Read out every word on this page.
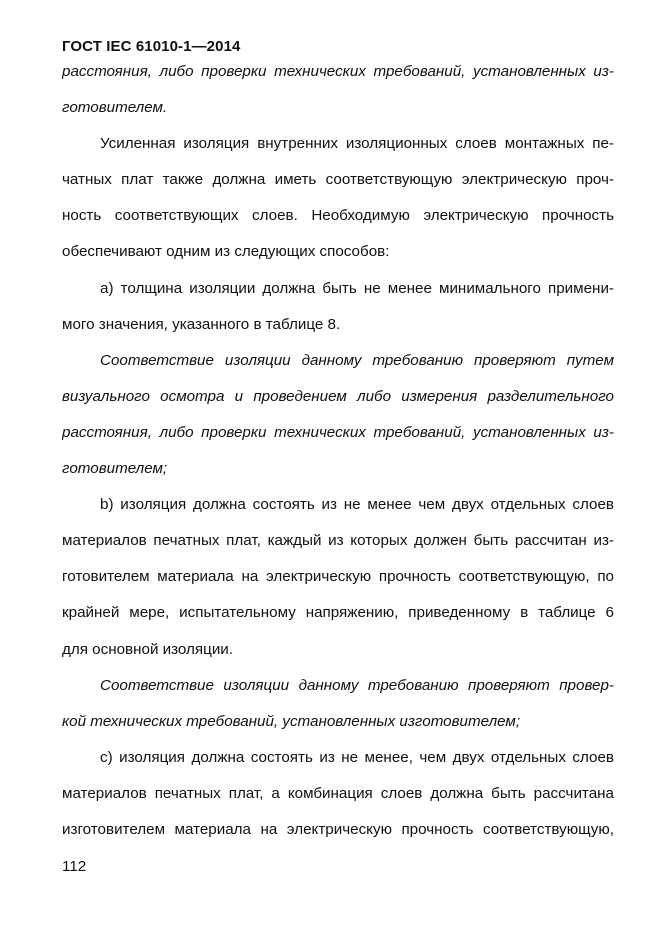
ГОСТ IEC 61010-1—2014
расстояния, либо проверки технических требований, установленных из-
готовителем.
Усиленная изоляция внутренних изоляционных слоев монтажных пе-
чатных плат также должна иметь соответствующую электрическую проч-
ность соответствующих слоев. Необходимую электрическую прочность
обеспечивают одним из следующих способов:
а) толщина изоляции должна быть не менее минимального примени-
мого значения, указанного в таблице 8.
Соответствие изоляции данному требованию проверяют путем
визуального осмотра и проведением либо измерения разделительного
расстояния, либо проверки технических требований, установленных из-
готовителем;
b) изоляция должна состоять из не менее чем двух отдельных слоев
материалов печатных плат, каждый из которых должен быть рассчитан из-
готовителем материала на электрическую прочность соответствующую, по
крайней мере, испытательному напряжению, приведенному в таблице 6
для основной изоляции.
Соответствие изоляции данному требованию проверяют провер-
кой технических требований, установленных изготовителем;
с) изоляция должна состоять из не менее, чем двух отдельных слоев
материалов печатных плат, а комбинация слоев должна быть рассчитана
изготовителем материала на электрическую прочность соответствующую,
112
